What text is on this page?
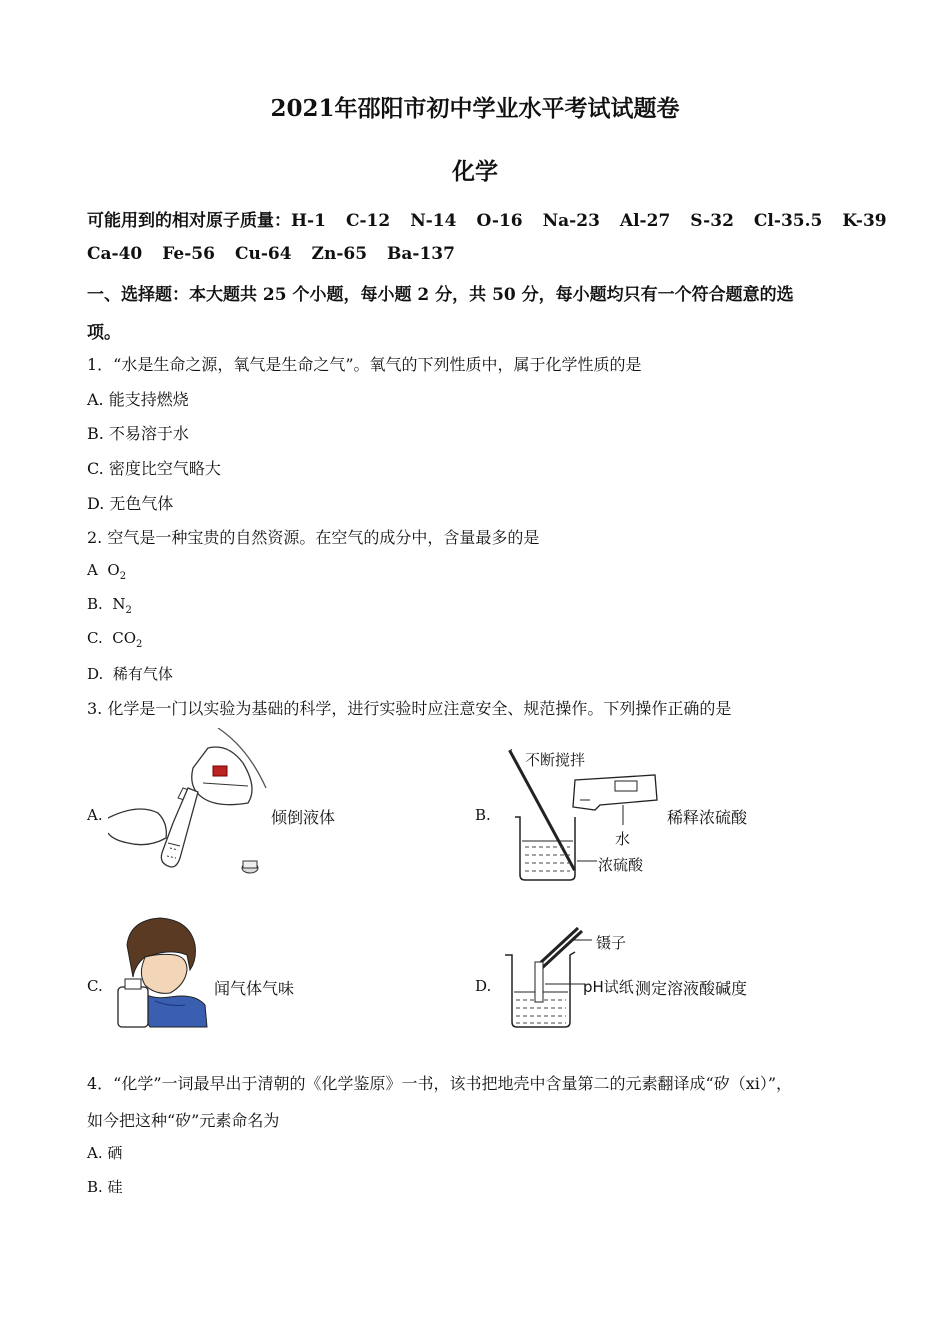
2021年邵阳市初中学业水平考试试题卷
化学
可能用到的相对原子质量：H-1 C-12 N-14 O-16 Na-23 Al-27 S-32 Cl-35.5 K-39
Ca-40 Fe-56 Cu-64 Zn-65 Ba-137
一、选择题：本大题共 25 个小题，每小题 2 分，共 50 分，每小题均只有一个符合题意的选
项。
1．“水是生命之源，氧气是生命之气”。氧气的下列性质中，属于化学性质的是
A. 能支持燃烧
B. 不易溶于水
C. 密度比空气略大
D. 无色气体
2. 空气是一种宝贵的自然资源。在空气的成分中，含量最多的是
A $O_2$
B. $N_2$
C. $CO_2$
D. 稀有气体
3. 化学是一门以实验为基础的科学，进行实验时应注意安全、规范操作。下列操作正确的是
A.	倾倒液体	B.
不断搅拌
水
浓硫酸
稀释浓硫酸
C.	闻气体气味	D.
镊子
pH试纸 测定溶液酸碱度
4．“化学”一词最早出于清朝的《化学鉴原》一书，该书把地壳中含量第二的元素翻译成“矽（xi）”，
如今把这种“矽”元素命名为
A. 硒
B. 硅
